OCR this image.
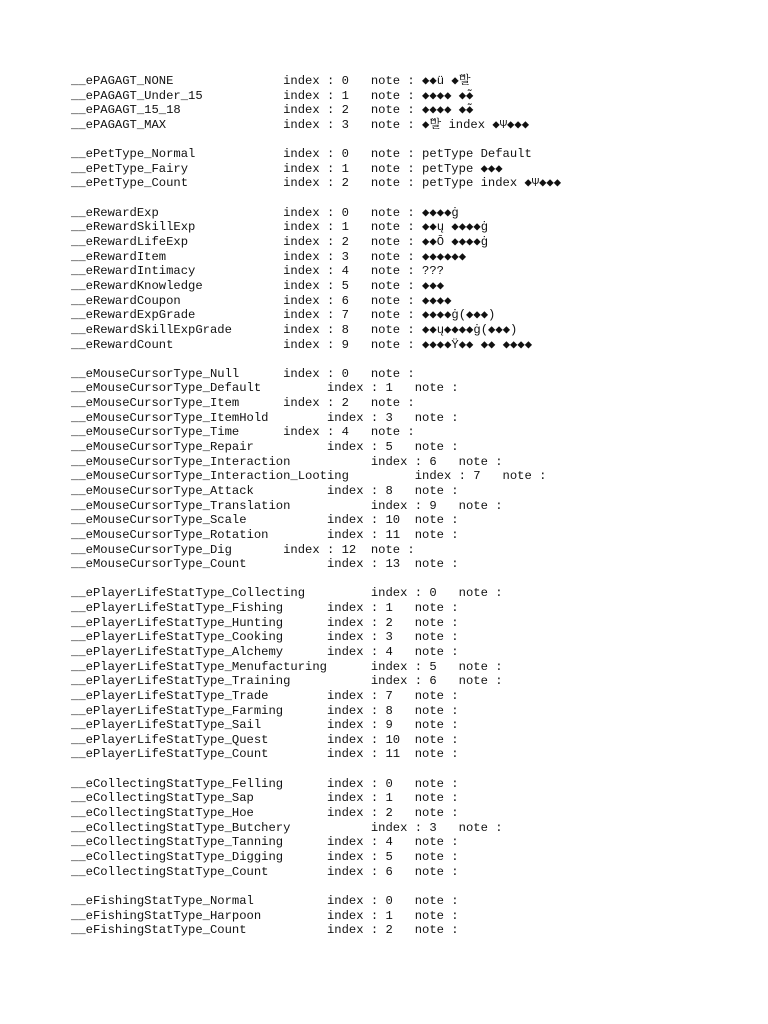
__ePAGAGT_NONE               index : 0   note : ◆◆ü ◆̃발
__ePAGAGT_Under_15           index : 1   note : ◆◆◆◆ ◆̃◆
__ePAGAGT_15_18              index : 2   note : ◆◆◆◆ ◆̃◆
__ePAGAGT_MAX                index : 3   note : ◆̃발 index ◆Ψ◆◆◆
__ePetType_Normal            index : 0   note : petType Default
__ePetType_Fairy             index : 1   note : petType ◆◆◆
__ePetType_Count             index : 2   note : petType index ◆Ψ◆◆◆
__eRewardExp                 index : 0   note : ◆◆◆◆ġ
__eRewardSkillExp            index : 1   note : ◆◆ų ◆◆◆◆ġ
__eRewardLifeExp             index : 2   note : ◆◆Ō ◆◆◆◆ġ
__eRewardItem                index : 3   note : ◆◆◆◆◆◆
__eRewardIntimacy            index : 4   note : ???
__eRewardKnowledge           index : 5   note : ◆◆◆
__eRewardCoupon              index : 6   note : ◆◆◆◆
__eRewardExpGrade            index : 7   note : ◆◆◆◆ġ(◆◆◆)
__eRewardSkillExpGrade       index : 8   note : ◆◆ų◆◆◆◆ġ(◆◆◆)
__eRewardCount               index : 9   note : ◆◆◆◆Ÿ◆◆ ◆◆ ◆◆◆◆
__eMouseCursorType_Null      index : 0   note :
__eMouseCursorType_Default         index : 1   note :
__eMouseCursorType_Item      index : 2   note :
__eMouseCursorType_ItemHold        index : 3   note :
__eMouseCursorType_Time      index : 4   note :
__eMouseCursorType_Repair          index : 5   note :
__eMouseCursorType_Interaction           index : 6   note :
__eMouseCursorType_Interaction_Looting         index : 7   note :
__eMouseCursorType_Attack          index : 8   note :
__eMouseCursorType_Translation           index : 9   note :
__eMouseCursorType_Scale           index : 10  note :
__eMouseCursorType_Rotation        index : 11  note :
__eMouseCursorType_Dig       index : 12  note :
__eMouseCursorType_Count           index : 13  note :
__ePlayerLifeStatType_Collecting         index : 0   note :
__ePlayerLifeStatType_Fishing      index : 1   note :
__ePlayerLifeStatType_Hunting      index : 2   note :
__ePlayerLifeStatType_Cooking      index : 3   note :
__ePlayerLifeStatType_Alchemy      index : 4   note :
__ePlayerLifeStatType_Menufacturing      index : 5   note :
__ePlayerLifeStatType_Training           index : 6   note :
__ePlayerLifeStatType_Trade        index : 7   note :
__ePlayerLifeStatType_Farming      index : 8   note :
__ePlayerLifeStatType_Sail         index : 9   note :
__ePlayerLifeStatType_Quest        index : 10  note :
__ePlayerLifeStatType_Count        index : 11  note :
__eCollectingStatType_Felling      index : 0   note :
__eCollectingStatType_Sap          index : 1   note :
__eCollectingStatType_Hoe          index : 2   note :
__eCollectingStatType_Butchery           index : 3   note :
__eCollectingStatType_Tanning      index : 4   note :
__eCollectingStatType_Digging      index : 5   note :
__eCollectingStatType_Count        index : 6   note :
__eFishingStatType_Normal          index : 0   note :
__eFishingStatType_Harpoon         index : 1   note :
__eFishingStatType_Count           index : 2   note :
